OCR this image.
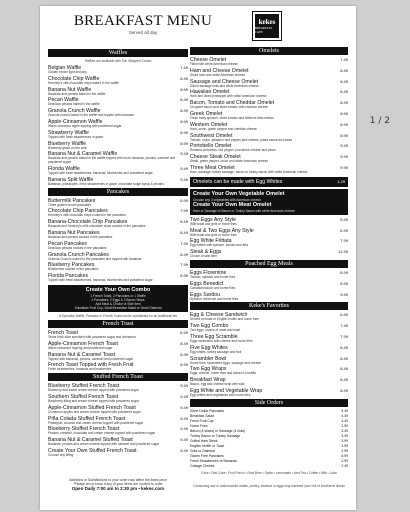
BREAKFAST MENU
Served all day
kekes
BREAKFAST CAFE
Waffles
Waffles are available with Sun Whipped Cream
Belgian Waffle	7.49
Golden brown light and airy
Chocolate Chip Waffle	8.49
Hershey's milk chocolate chips baked in the waffle
Banana Nut Waffle	8.99
Bananas and pecans baked in the waffle
Pecan Waffle	8.49
Delicious pecans baked in the waffle
Granola Crunch Waffle	8.99
Granola crunch baked in the waffle and topped with bananas
Apple-Cinnamon Waffle	8.99
Warm cinnamon apple topping with powdered sugar
Strawberry Waffle	8.99
Topped with fresh strawberries in glaze
Blueberry Waffle	8.99
Blueberry glaze on the side
Banana Nut & Caramel Waffle	9.49
Bananas and pecans baked in the waffle topped with more bananas, pecans, caramel and powdered sugar
Florida Waffle	9.49
Topped with fresh strawberries, bananas, blueberries and powdered sugar
Banana Split Waffle	9.49
Bananas, pineapples, fresh strawberries in glaze, chocolate fudge syrup & pecans
Pancakes
Buttermilk Pancakes	6.99
Three golden brown pancakes
Chocolate Chip Pancakes	7.99
Hershey's milk chocolate chips cooked in the pancakes
Banana-Chocolate Chip Pancakes	8.49
Bananas and Hershey's milk chocolate chips cooked in the pancakes
Banana Nut Pancakes	8.49
Bananas and pecans cooked in the pancakes
Pecan Pancakes	7.99
Delicious pecans cooked in the pancakes
Granola Crunch Pancakes	8.49
Granola Crunch cooked in the pancakes and topped with bananas
Blueberry Pancakes	7.99
Blueberries cooked in the pancakes
Florida Pancakes	8.99
Topped with fresh strawberries, bananas, blueberries and powdered sugar
Create Your Own Combo
1 French Toast, 2 Pancakes or 1 Waffle
2 Pancakes, 2 Eggs & 2 Bacon Strips
Add Meat & Choice of Side Item
Substitute Fruit Cup, Small Breakfast Salad or Small Oatmeal
A Specialty Waffle, Pancake or French Toast can be substituted for an additional fee
French Toast
French Toast	6.99
Texas thick slice sprinkled with powdered sugar and cinnamon
Apple-Cinnamon French Toast	8.49
Warm cinnamon topping and powdered sugar
Banana Nut & Caramel Toast	8.99
Topped with bananas, pecans, caramel and powdered sugar
French Toast Topped with Fresh Fruit	8.99
Fresh strawberries, bananas and blueberries
Stuffed French Toast
Blueberry Stuffed French Toast	9.49
Blueberry and sweet cream cheese topped with powdered sugar
Southern Stuffed French Toast	9.49
Raspberry filling and cream cheese topped with powdered sugar
Apple-Cinnamon Stuffed French Toast	9.49
Cinnamon apples and cream cheese topped with powdered sugar
Piña Colada Stuffed French Toast	9.49
Pineapple, coconut and cream cheese topped with powdered sugar
Blueberry Stuffed French Toast	9.49
Pecans, caramel, chocolate and cream cheese topped with powdered sugar
Banana Nut & Caramel Stuffed Toast	9.49
Bananas, pecans and cream cheese topped with caramel and powdered sugar
Create Your Own Stuffed French Toast	9.49
Choose any filling
Omelets
Cheese Omelet	7.49
Filled with white American cheese
Ham and Cheese Omelet	8.49
Diced ham and white American cheese
Sausage and Cheese Omelet	8.49
Sliced sausage links and white American cheese
Hawaiian Omelet	8.49
Ham and diced pineapple with white American cheese
Bacon, Tomato and Cheddar Omelet	8.99
Chopped bacon and diced tomato with cheddar cheese
Greek Omelet	8.99
Fresh baby spinach, diced tomato and Athenos feta cheese
Western Omelet	8.99
Ham, onion, green pepper and cheddar cheese
Southwest Omelet	8.99
Tomato, onion, jalapeno and pepper jack cheese, pasta sauce and salsa
Portobello Omelet	9.49
Roasted portobello, red pepper, provolone cheese and pesto
Cheese Steak Omelet	9.99
Steak, green pepper, onion and white American cheese
Three Meat Omelet	9.99
Ham, sausage, turkey sausage, bacon or turkey bacon with white American cheese
Omelets can be made with Egg Whites	1.29
Create Your Own Vegetable Omelet
Choose any 3 vegetables with American cheese
Create Your Own Meat Omelet
Ham or Sausage or Bacon or Turkey Bacon with white American cheese
Two Eggs Any Style	5.49
With toast and grits or home fries
Meat & Two Eggs Any Style	6.99
With toast and grits or home fries
Egg White Frittata	7.99
Egg whites with spinach, tomato and feta
Steak & Eggs	11.99
Choice of side item
Poached Egg Meals
Eggs Florentine	8.99
Tomato, spinach and home fries
Eggs Benedict	8.99
Canadian bacon and home fries
Eggs Sardou	9.49
Spinach, artichoke and home fries
Keke's Favorites
Egg & Cheese Sandwich	6.49
Served on toast or English muffin and home fries
Two Egg Combo	7.49
Two eggs, choice of meat and toast
Three Egg Scramble	7.99
Eggs scrambled with cheese and home fries
Five Egg Whites	8.49
Egg whites, turkey sausage and fruit
Scrambler Bowl	8.49
Home fries, scrambled eggs, sausage and cheese
Two Egg Wraps	8.49
Eggs, cheese, home fries and salsa in a tortilla
Breakfast Wrap	8.49
Bacon, egg and cheese wrap with side
Egg White and Vegetable Wrap	8.99
Egg whites and vegetables with home fries
Side Orders
Silver Dollar Pancakes	3.49
Breakfast Salad	4.49
Fresh Fruit Cup	3.49
Home Fries	2.99
Bacon (4 slices) or Sausage (4 links)	3.49
Turkey Bacon or Turkey Sausage	3.49
Grilled Ham Steak	3.99
English Muffin or Toast	1.99
Grits or Oatmeal	2.99
Gluten Free Pancakes	6.99
Fresh Strawberries or Bananas	2.99
Cottage Cheese	2.49
Coke • Diet Coke • Fruit Punch • Root Beer • Sprite • Lemonade • Iced Tea • Coffee • Milk • Juice

Additions or Substitutions to your order may affect the listed price

*Please let us know if any of your items are cooked to order

Open Daily 7:00 am to 2:30 pm • kekes.com	Consuming raw or undercooked meats, poultry, seafood or eggs may increase your risk of foodborne illness

1 / 2
